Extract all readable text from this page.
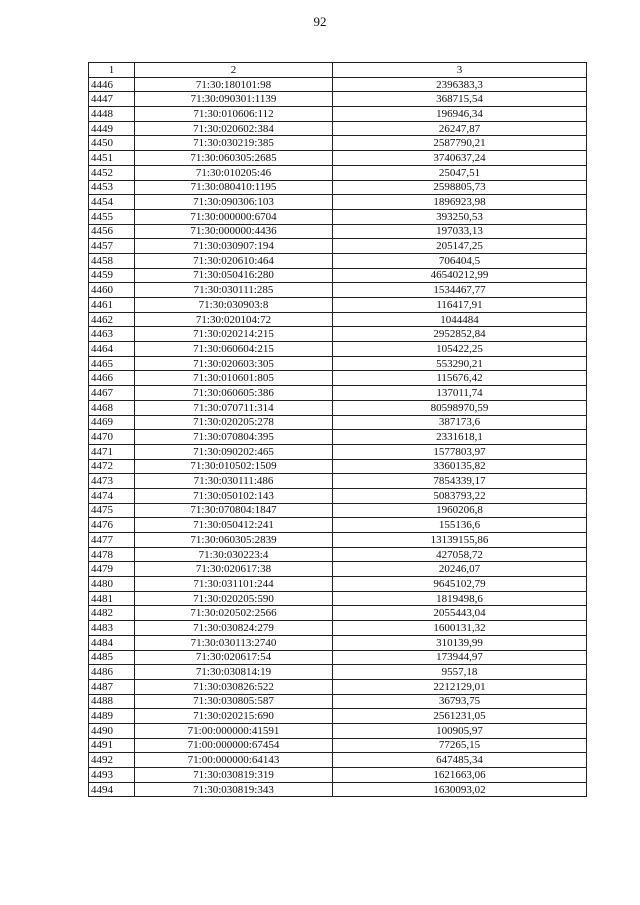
92
1	2	3
4446	71:30:180101:98	2396383,3
4447	71:30:090301:1139	368715,54
4448	71:30:010606:112	196946,34
4449	71:30:020602:384	26247,87
4450	71:30:030219:385	2587790,21
4451	71:30:060305:2685	3740637,24
4452	71:30:010205:46	25047,51
4453	71:30:080410:1195	2598805,73
4454	71:30:090306:103	1896923,98
4455	71:30:000000:6704	393250,53
4456	71:30:000000:4436	197033,13
4457	71:30:030907:194	205147,25
4458	71:30:020610:464	706404,5
4459	71:30:050416:280	46540212,99
4460	71:30:030111:285	1534467,77
4461	71:30:030903:8	116417,91
4462	71:30:020104:72	1044484
4463	71:30:020214:215	2952852,84
4464	71:30:060604:215	105422,25
4465	71:30:020603:305	553290,21
4466	71:30:010601:805	115676,42
4467	71:30:060605:386	137011,74
4468	71:30:070711:314	80598970,59
4469	71:30:020205:278	387173,6
4470	71:30:070804:395	2331618,1
4471	71:30:090202:465	1577803,97
4472	71:30:010502:1509	3360135,82
4473	71:30:030111:486	7854339,17
4474	71:30:050102:143	5083793,22
4475	71:30:070804:1847	1960206,8
4476	71:30:050412:241	155136,6
4477	71:30:060305:2839	13139155,86
4478	71:30:030223:4	427058,72
4479	71:30:020617:38	20246,07
4480	71:30:031101:244	9645102,79
4481	71:30:020205:590	1819498,6
4482	71:30:020502:2566	2055443,04
4483	71:30:030824:279	1600131,32
4484	71:30:030113:2740	310139,99
4485	71:30:020617:54	173944,97
4486	71:30:030814:19	9557,18
4487	71:30:030826:522	2212129,01
4488	71:30:030805:587	36793,75
4489	71:30:020215:690	2561231,05
4490	71:00:000000:41591	100905,97
4491	71:00:000000:67454	77265,15
4492	71:00:000000:64143	647485,34
4493	71:30:030819:319	1621663,06
4494	71:30:030819:343	1630093,02
